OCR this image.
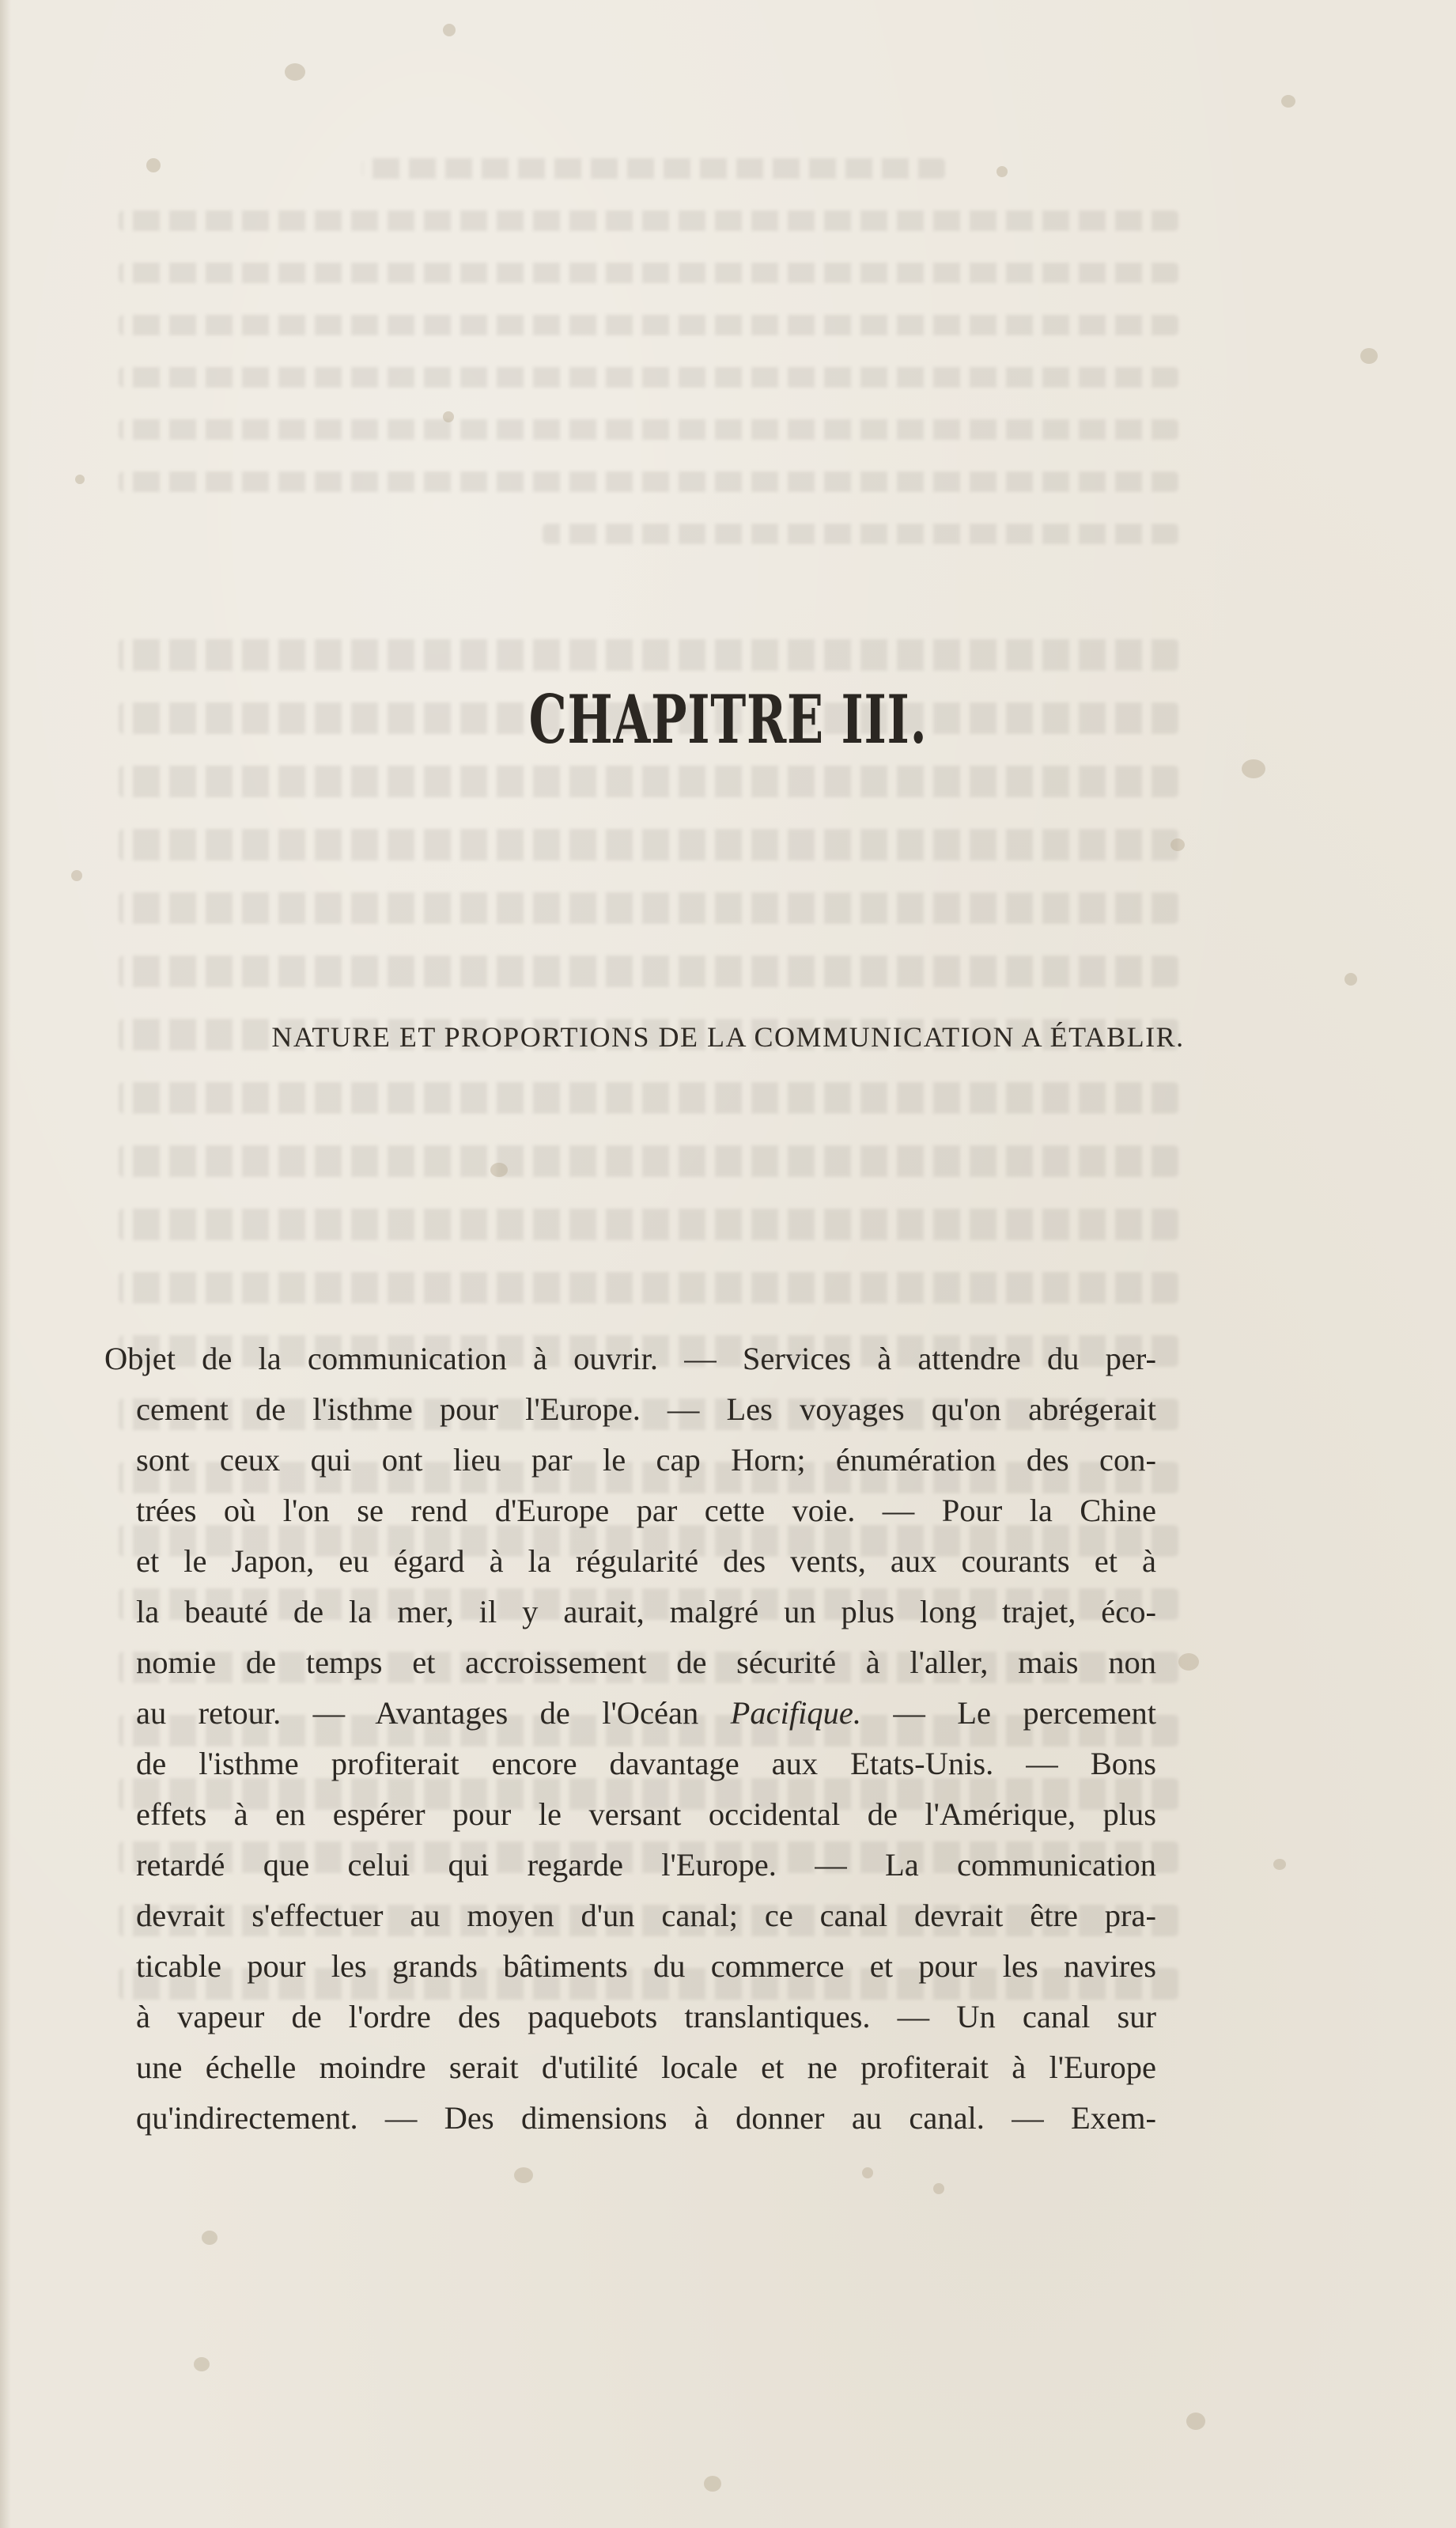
CHAPITRE III.
NATURE ET PROPORTIONS DE LA COMMUNICATION A ÉTABLIR.
Objet de la communication à ouvrir. — Services à attendre du per-
cement de l'isthme pour l'Europe. — Les voyages qu'on abrégerait
sont ceux qui ont lieu par le cap Horn; énumération des con-
trées où l'on se rend d'Europe par cette voie. — Pour la Chine
et le Japon, eu égard à la régularité des vents, aux courants et à
la beauté de la mer, il y aurait, malgré un plus long trajet, éco-
nomie de temps et accroissement de sécurité à l'aller, mais non
au retour. — Avantages de l'Océan Pacifique. — Le percement
de l'isthme profiterait encore davantage aux Etats-Unis. — Bons
effets à en espérer pour le versant occidental de l'Amérique, plus
retardé que celui qui regarde l'Europe. — La communication
devrait s'effectuer au moyen d'un canal; ce canal devrait être pra-
ticable pour les grands bâtiments du commerce et pour les navires
à vapeur de l'ordre des paquebots translantiques. — Un canal sur
une échelle moindre serait d'utilité locale et ne profiterait à l'Europe
qu'indirectement. — Des dimensions à donner au canal. — Exem-
